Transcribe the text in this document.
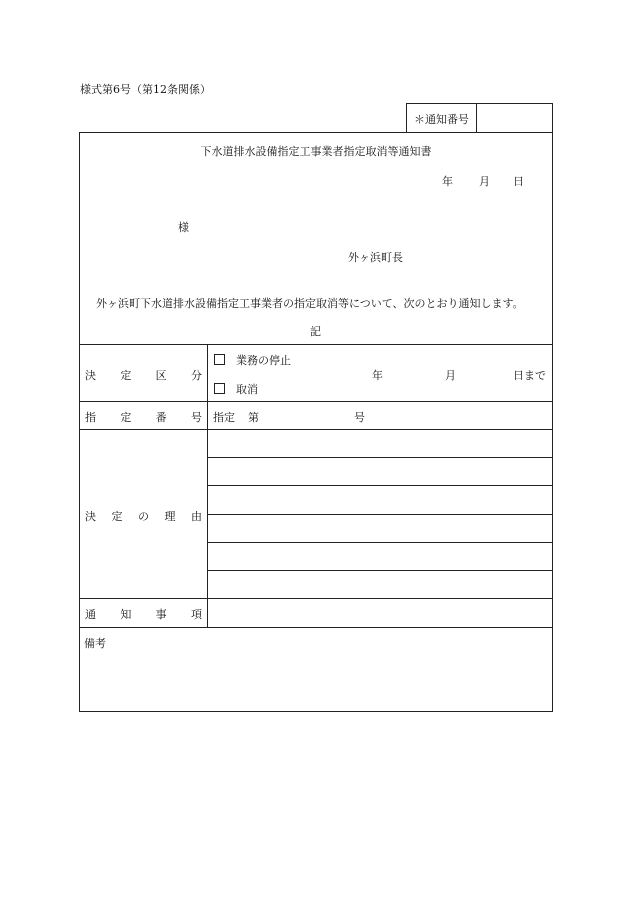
様式第6号（第12条関係）
＊通知番号
下水道排水設備指定工事業者指定取消等通知書
年 月 日
様
外ヶ浜町長
外ヶ浜町下水道排水設備指定工事業者の指定取消等について、次のとおり通知します。
記
決 定 区 分
業務の停止
取消
年	月	日まで
指 定 番 号 指定 第	号
決 定 の 理 由
通 知 事 項
備考
